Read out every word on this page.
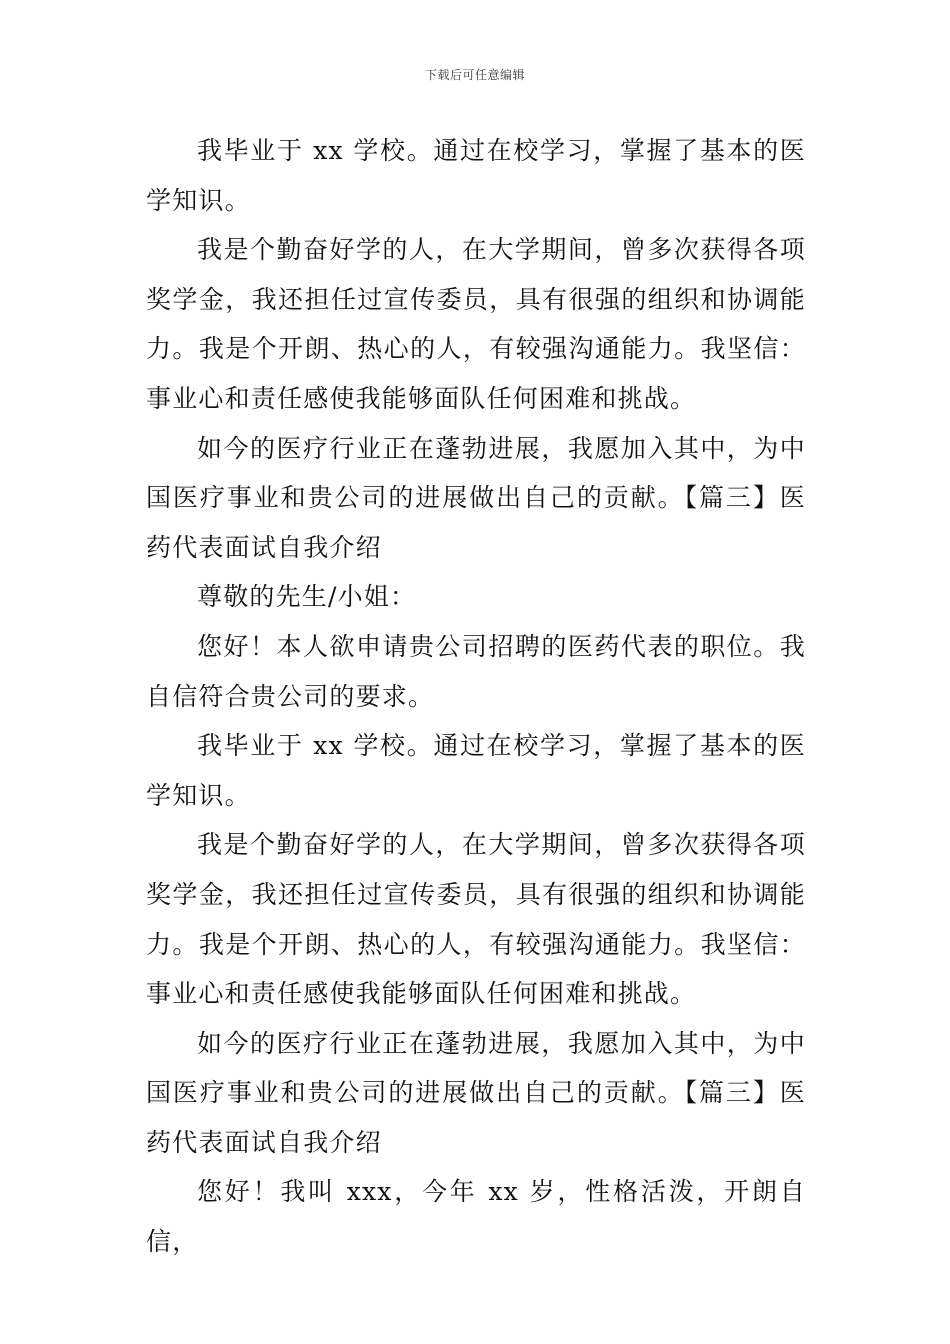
下载后可任意编辑

我毕业于 xx 学校。通过在校学习，掌握了基本的医学知识。

我是个勤奋好学的人，在大学期间，曾多次获得各项奖学金，我还担任过宣传委员，具有很强的组织和协调能力。我是个开朗、热心的人，有较强沟通能力。我坚信：事业心和责任感使我能够面队任何困难和挑战。

如今的医疗行业正在蓬勃进展，我愿加入其中，为中国医疗事业和贵公司的进展做出自己的贡献。【篇三】医药代表面试自我介绍

尊敬的先生/小姐：

您好！本人欲申请贵公司招聘的医药代表的职位。我自信符合贵公司的要求。

我毕业于 xx 学校。通过在校学习，掌握了基本的医学知识。

我是个勤奋好学的人，在大学期间，曾多次获得各项奖学金，我还担任过宣传委员，具有很强的组织和协调能力。我是个开朗、热心的人，有较强沟通能力。我坚信：事业心和责任感使我能够面队任何困难和挑战。

如今的医疗行业正在蓬勃进展，我愿加入其中，为中国医疗事业和贵公司的进展做出自己的贡献。【篇三】医药代表面试自我介绍

您好！我叫 xxx，今年 xx 岁，性格活泼，开朗自信，
